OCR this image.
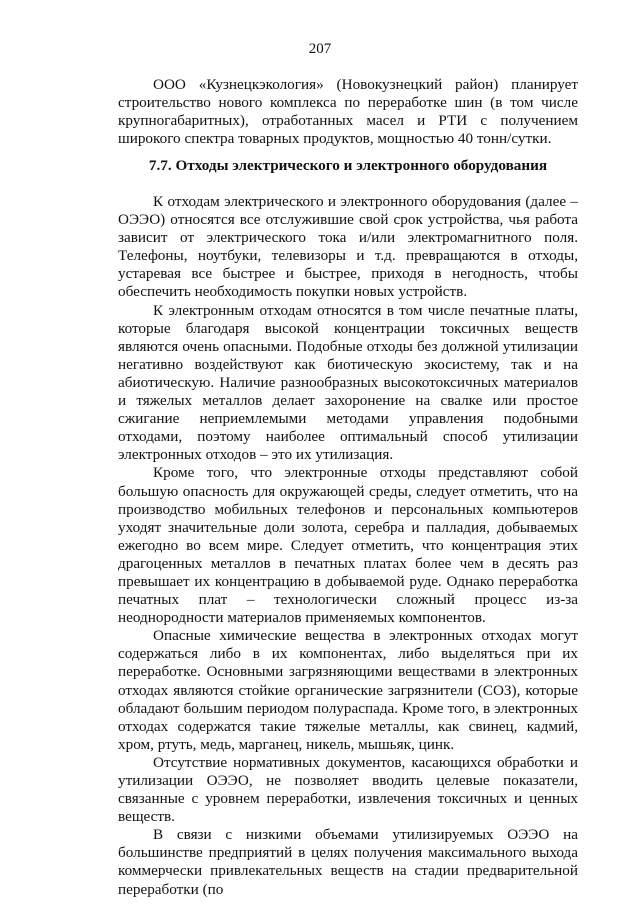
207

ООО «Кузнецкэкология» (Новокузнецкий район) планирует строительство нового комплекса по переработке шин (в том числе крупногабаритных), отработанных масел и РТИ с получением широкого спектра товарных продуктов, мощностью 40 тонн/сутки.

7.7. Отходы электрического и электронного оборудования

К отходам электрического и электронного оборудования (далее – ОЭЭО) относятся все отслужившие свой срок устройства, чья работа зависит от электрического тока и/или электромагнитного поля. Телефоны, ноутбуки, телевизоры и т.д. превращаются в отходы, устаревая все быстрее и быстрее, приходя в негодность, чтобы обеспечить необходимость покупки новых устройств.

К электронным отходам относятся в том числе печатные платы, которые благодаря высокой концентрации токсичных веществ являются очень опасными. Подобные отходы без должной утилизации негативно воздействуют как биотическую экосистему, так и на абиотическую. Наличие разнообразных высокотоксичных материалов и тяжелых металлов делает захоронение на свалке или простое сжигание неприемлемыми методами управления подобными отходами, поэтому наиболее оптимальный способ утилизации электронных отходов – это их утилизация.

Кроме того, что электронные отходы представляют собой большую опасность для окружающей среды, следует отметить, что на производство мобильных телефонов и персональных компьютеров уходят значительные доли золота, серебра и палладия, добываемых ежегодно во всем мире. Следует отметить, что концентрация этих драгоценных металлов в печатных платах более чем в десять раз превышает их концентрацию в добываемой руде. Однако переработка печатных плат – технологически сложный процесс из-за неоднородности материалов применяемых компонентов.

Опасные химические вещества в электронных отходах могут содержаться либо в их компонентах, либо выделяться при их переработке. Основными загрязняющими веществами в электронных отходах являются стойкие органические загрязнители (СОЗ), которые обладают большим периодом полураспада. Кроме того, в электронных отходах содержатся такие тяжелые металлы, как свинец, кадмий, хром, ртуть, медь, марганец, никель, мышьяк, цинк.

Отсутствие нормативных документов, касающихся обработки и утилизации ОЭЭО, не позволяет вводить целевые показатели, связанные с уровнем переработки, извлечения токсичных и ценных веществ.

В связи с низкими объемами утилизируемых ОЭЭО на большинстве предприятий в целях получения максимального выхода коммерчески привлекательных веществ на стадии предварительной переработки (по
